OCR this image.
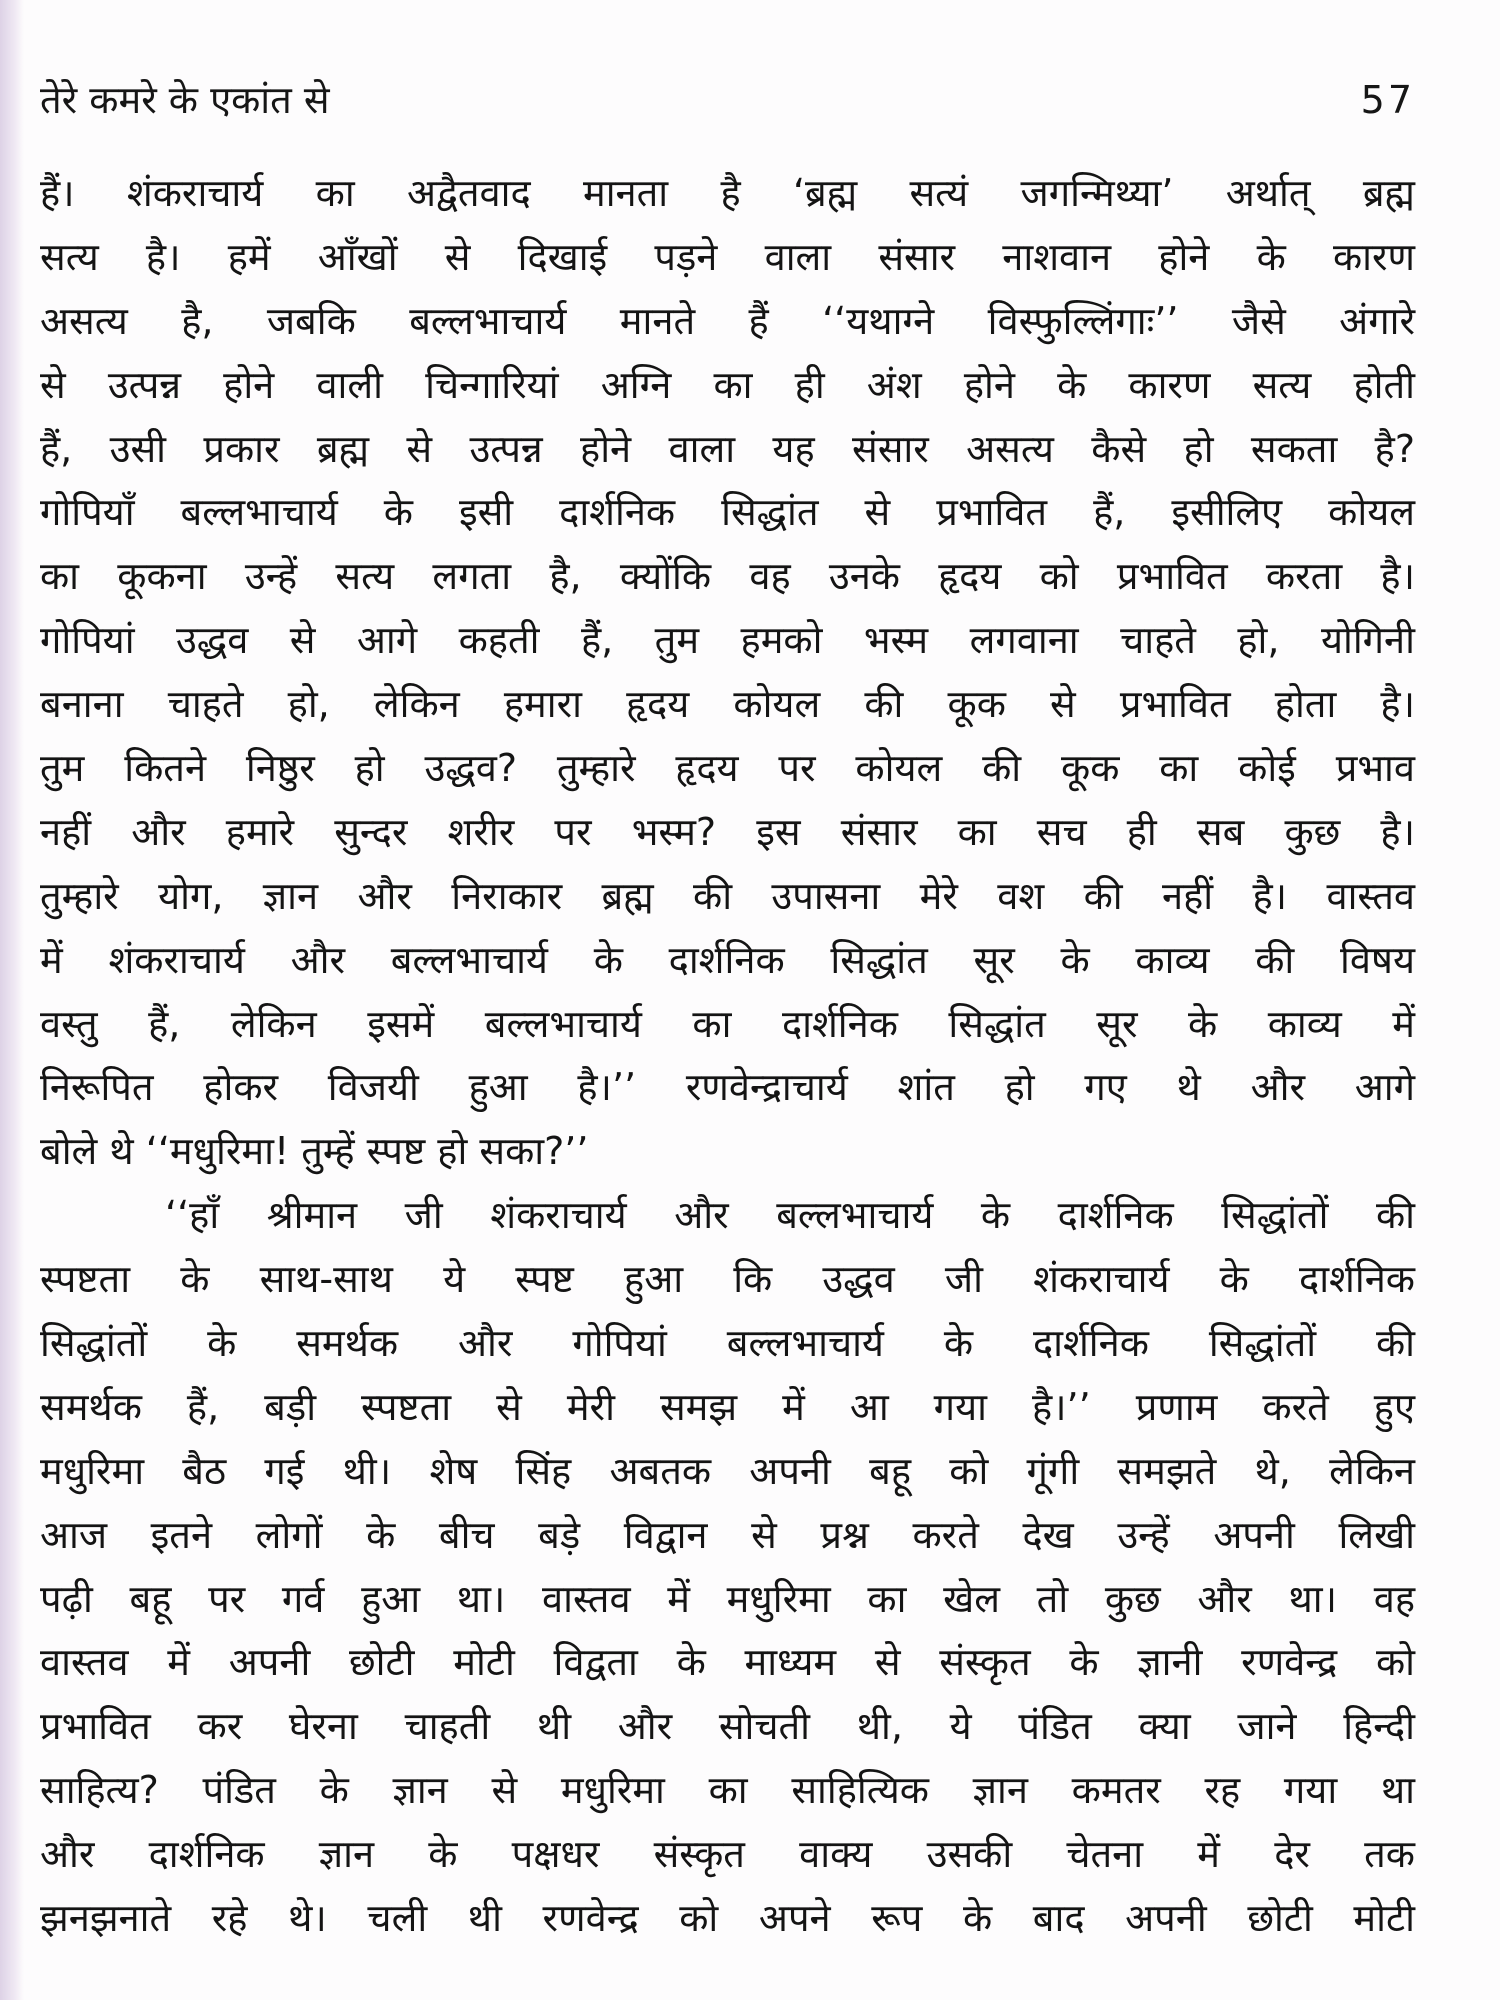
तेरे कमरे के एकांत से	57
हैं। शंकराचार्य का अद्वैतवाद मानता है ‘ब्रह्म सत्यं जगन्मिथ्या’ अर्थात् ब्रह्म
सत्य है। हमें आँखों से दिखाई पड़ने वाला संसार नाशवान होने के कारण
असत्य है, जबकि बल्लभाचार्य मानते हैं ‘‘यथाग्ने विस्फुल्लिंगाः’’ जैसे अंगारे
से उत्पन्न होने वाली चिन्गारियां अग्नि का ही अंश होने के कारण सत्य होती
हैं, उसी प्रकार ब्रह्म से उत्पन्न होने वाला यह संसार असत्य कैसे हो सकता है?
गोपियाँ बल्लभाचार्य के इसी दार्शनिक सिद्धांत से प्रभावित हैं, इसीलिए कोयल
का कूकना उन्हें सत्य लगता है, क्योंकि वह उनके हृदय को प्रभावित करता है।
गोपियां उद्धव से आगे कहती हैं, तुम हमको भस्म लगवाना चाहते हो, योगिनी
बनाना चाहते हो, लेकिन हमारा हृदय कोयल की कूक से प्रभावित होता है।
तुम कितने निष्ठुर हो उद्धव? तुम्हारे हृदय पर कोयल की कूक का कोई प्रभाव
नहीं और हमारे सुन्दर शरीर पर भस्म? इस संसार का सच ही सब कुछ है।
तुम्हारे योग, ज्ञान और निराकार ब्रह्म की उपासना मेरे वश की नहीं है। वास्तव
में शंकराचार्य और बल्लभाचार्य के दार्शनिक सिद्धांत सूर के काव्य की विषय
वस्तु हैं, लेकिन इसमें बल्लभाचार्य का दार्शनिक सिद्धांत सूर के काव्य में
निरूपित होकर विजयी हुआ है।’’ रणवेन्द्राचार्य शांत हो गए थे और आगे
बोले थे ‘‘मधुरिमा! तुम्हें स्पष्ट हो सका?’’
‘‘हाँ श्रीमान जी शंकराचार्य और बल्लभाचार्य के दार्शनिक सिद्धांतों की
स्पष्टता के साथ-साथ ये स्पष्ट हुआ कि उद्धव जी शंकराचार्य के दार्शनिक
सिद्धांतों के समर्थक और गोपियां बल्लभाचार्य के दार्शनिक सिद्धांतों की
समर्थक हैं, बड़ी स्पष्टता से मेरी समझ में आ गया है।’’ प्रणाम करते हुए
मधुरिमा बैठ गई थी। शेष सिंह अबतक अपनी बहू को गूंगी समझते थे, लेकिन
आज इतने लोगों के बीच बड़े विद्वान से प्रश्न करते देख उन्हें अपनी लिखी
पढ़ी बहू पर गर्व हुआ था। वास्तव में मधुरिमा का खेल तो कुछ और था। वह
वास्तव में अपनी छोटी मोटी विद्वता के माध्यम से संस्कृत के ज्ञानी रणवेन्द्र को
प्रभावित कर घेरना चाहती थी और सोचती थी, ये पंडित क्या जाने हिन्दी
साहित्य? पंडित के ज्ञान से मधुरिमा का साहित्यिक ज्ञान कमतर रह गया था
और दार्शनिक ज्ञान के पक्षधर संस्कृत वाक्य उसकी चेतना में देर तक
झनझनाते रहे थे। चली थी रणवेन्द्र को अपने रूप के बाद अपनी छोटी मोटी
